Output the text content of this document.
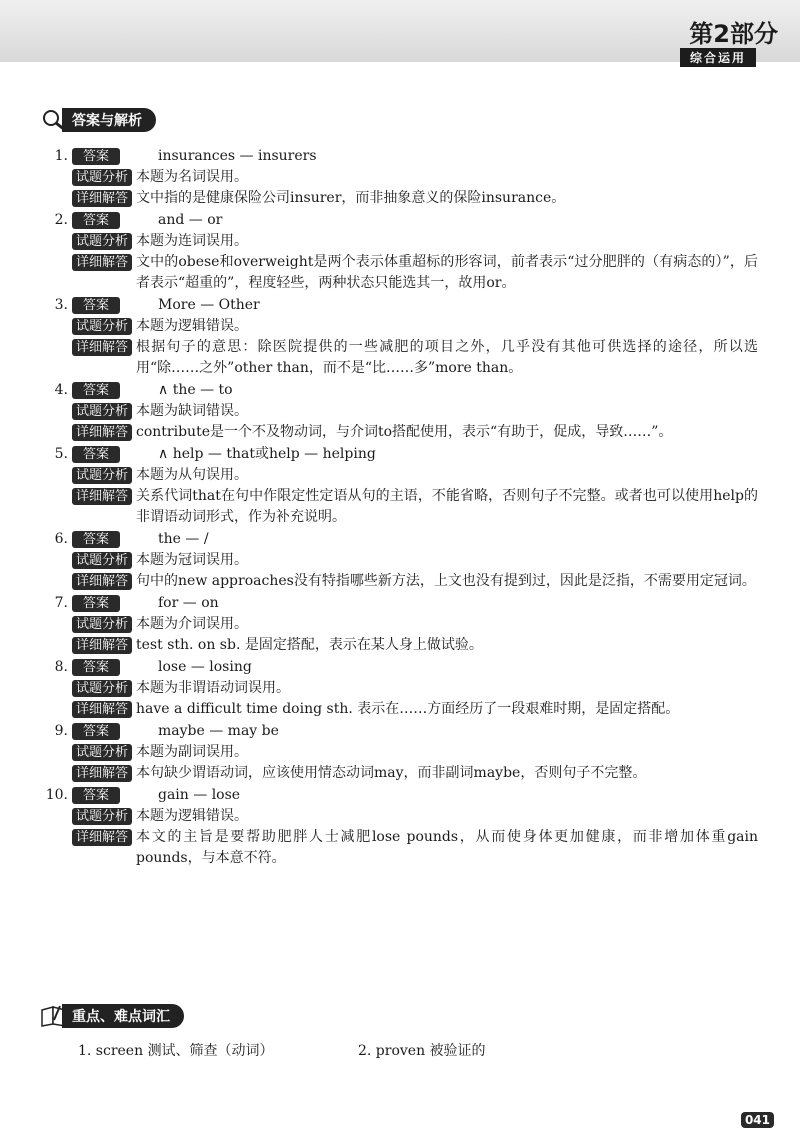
第2部分
综合运用
答案与解析
1.	答案	insurances — insurers
试题分析 本题为名词误用。
详细解答 文中指的是健康保险公司insurer，而非抽象意义的保险insurance。
2.	答案	and — or
试题分析 本题为连词误用。
详细解答 文中的obese和overweight是两个表示体重超标的形容词，前者表示“过分肥胖的（有病态的）”，后者表示“超重的”，程度轻些，两种状态只能选其一，故用or。
3.	答案	More — Other
试题分析 本题为逻辑错误。
详细解答 根据句子的意思：除医院提供的一些减肥的项目之外，几乎没有其他可供选择的途径，所以选用“除……之外”other than，而不是“比……多”more than。
4.	答案	∧ the — to
试题分析 本题为缺词错误。
详细解答 contribute是一个不及物动词，与介词to搭配使用，表示“有助于，促成，导致……”。
5.	答案	∧ help — that或help — helping
试题分析 本题为从句误用。
详细解答 关系代词that在句中作限定性定语从句的主语，不能省略，否则句子不完整。或者也可以使用help的非谓语动词形式，作为补充说明。
6.	答案	the — /
试题分析 本题为冠词误用。
详细解答 句中的new approaches没有特指哪些新方法，上文也没有提到过，因此是泛指，不需要用定冠词。
7.	答案	for — on
试题分析 本题为介词误用。
详细解答 test sth. on sb. 是固定搭配，表示在某人身上做试验。
8.	答案	lose — losing
试题分析 本题为非谓语动词误用。
详细解答 have a difficult time doing sth. 表示在……方面经历了一段艰难时期，是固定搭配。
9.	答案	maybe — may be
试题分析 本题为副词误用。
详细解答 本句缺少谓语动词，应该使用情态动词may，而非副词maybe，否则句子不完整。
10.	答案	gain — lose
试题分析 本题为逻辑错误。
详细解答 本文的主旨是要帮助肥胖人士减肥lose pounds，从而使身体更加健康，而非增加体重gain pounds，与本意不符。
重点、难点词汇
1. screen 测试、筛查（动词）	2. proven 被验证的
041
